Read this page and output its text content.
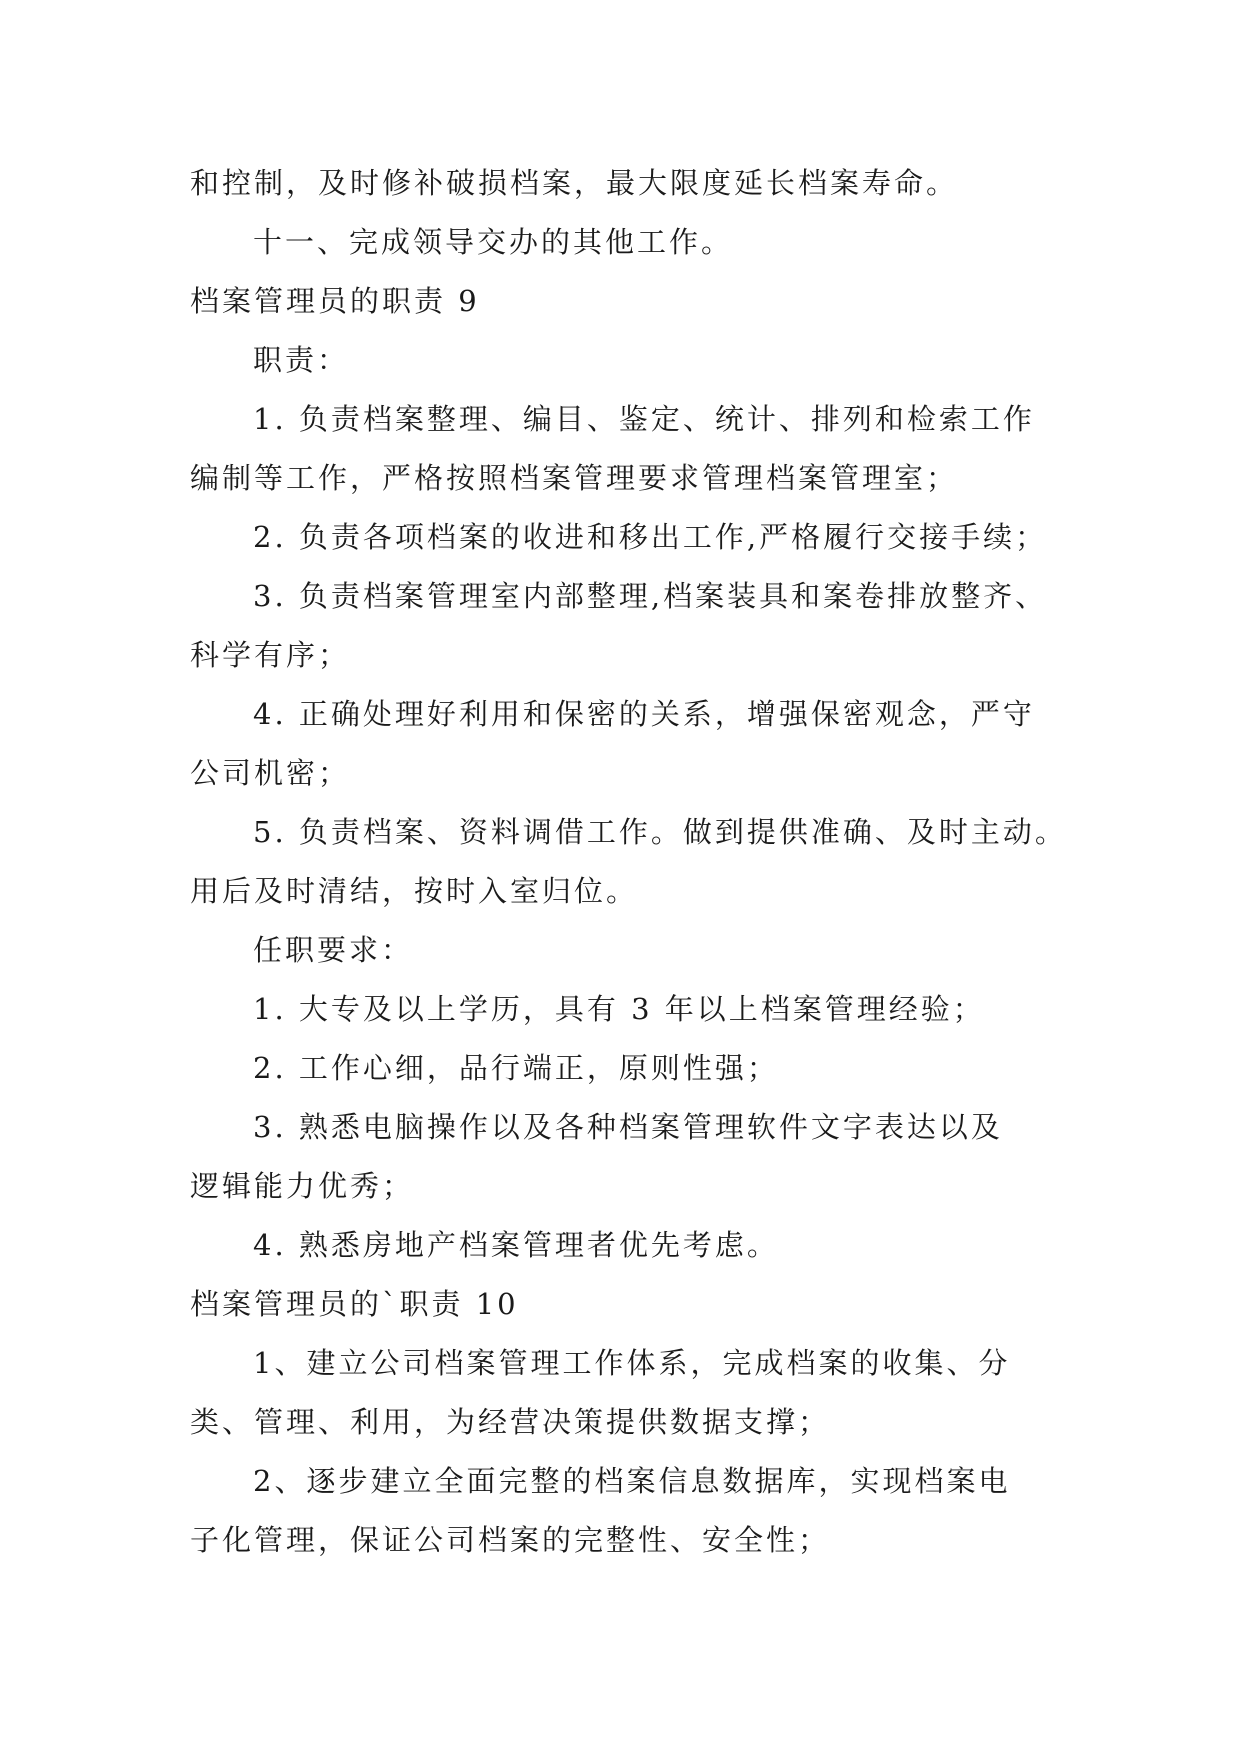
和控制，及时修补破损档案，最大限度延长档案寿命。
十一、完成领导交办的其他工作。
档案管理员的职责 9
职责：
1. 负责档案整理、编目、鉴定、统计、排列和检索工作
编制等工作，严格按照档案管理要求管理档案管理室；
2. 负责各项档案的收进和移出工作,严格履行交接手续；
3. 负责档案管理室内部整理,档案装具和案卷排放整齐、
科学有序；
4. 正确处理好利用和保密的关系，增强保密观念，严守
公司机密；
5. 负责档案、资料调借工作。做到提供准确、及时主动。
用后及时清结，按时入室归位。
任职要求：
1. 大专及以上学历，具有 3 年以上档案管理经验；
2. 工作心细，品行端正，原则性强；
3. 熟悉电脑操作以及各种档案管理软件文字表达以及
逻辑能力优秀；
4. 熟悉房地产档案管理者优先考虑。
档案管理员的`职责 10
1、建立公司档案管理工作体系，完成档案的收集、分
类、管理、利用，为经营决策提供数据支撑；
2、逐步建立全面完整的档案信息数据库，实现档案电
子化管理，保证公司档案的完整性、安全性；
